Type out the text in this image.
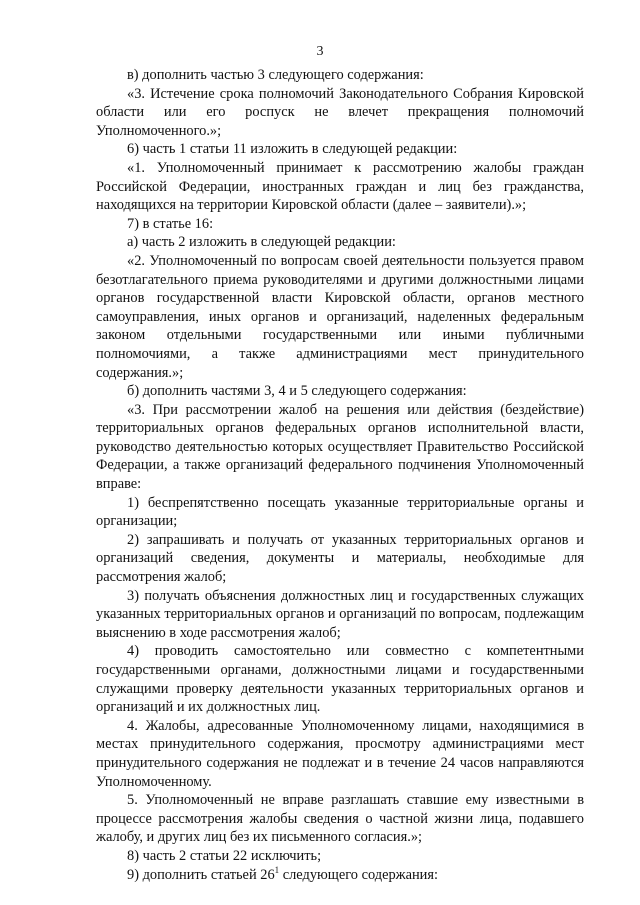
3

в) дополнить частью 3 следующего содержания:

«3. Истечение срока полномочий Законодательного Собрания Кировской области или его роспуск не влечет прекращения полномочий Уполномоченного.»;

6) часть 1 статьи 11 изложить в следующей редакции:

«1. Уполномоченный принимает к рассмотрению жалобы граждан Российской Федерации, иностранных граждан и лиц без гражданства, находящихся на территории Кировской области (далее – заявители).»;

7) в статье 16:

а) часть 2 изложить в следующей редакции:

«2. Уполномоченный по вопросам своей деятельности пользуется правом безотлагательного приема руководителями и другими должностными лицами органов государственной власти Кировской области, органов местного самоуправления, иных органов и организаций, наделенных федеральным законом отдельными государственными или иными публичными полномочиями, а также администрациями мест принудительного содержания.»;

б) дополнить частями 3, 4 и 5 следующего содержания:

«3. При рассмотрении жалоб на решения или действия (бездействие) территориальных органов федеральных органов исполнительной власти, руководство деятельностью которых осуществляет Правительство Российской Федерации, а также организаций федерального подчинения Уполномоченный вправе:

1) беспрепятственно посещать указанные территориальные органы и организации;

2) запрашивать и получать от указанных территориальных органов и организаций сведения, документы и материалы, необходимые для рассмотрения жалоб;

3) получать объяснения должностных лиц и государственных служащих указанных территориальных органов и организаций по вопросам, подлежащим выяснению в ходе рассмотрения жалоб;

4) проводить самостоятельно или совместно с компетентными государственными органами, должностными лицами и государственными служащими проверку деятельности указанных территориальных органов и организаций и их должностных лиц.

4. Жалобы, адресованные Уполномоченному лицами, находящимися в местах принудительного содержания, просмотру администрациями мест принудительного содержания не подлежат и в течение 24 часов направляются Уполномоченному.

5. Уполномоченный не вправе разглашать ставшие ему известными в процессе рассмотрения жалобы сведения о частной жизни лица, подавшего жалобу, и других лиц без их письменного согласия.»;

8) часть 2 статьи 22 исключить;

9) дополнить статьей $26^1$ следующего содержания:
